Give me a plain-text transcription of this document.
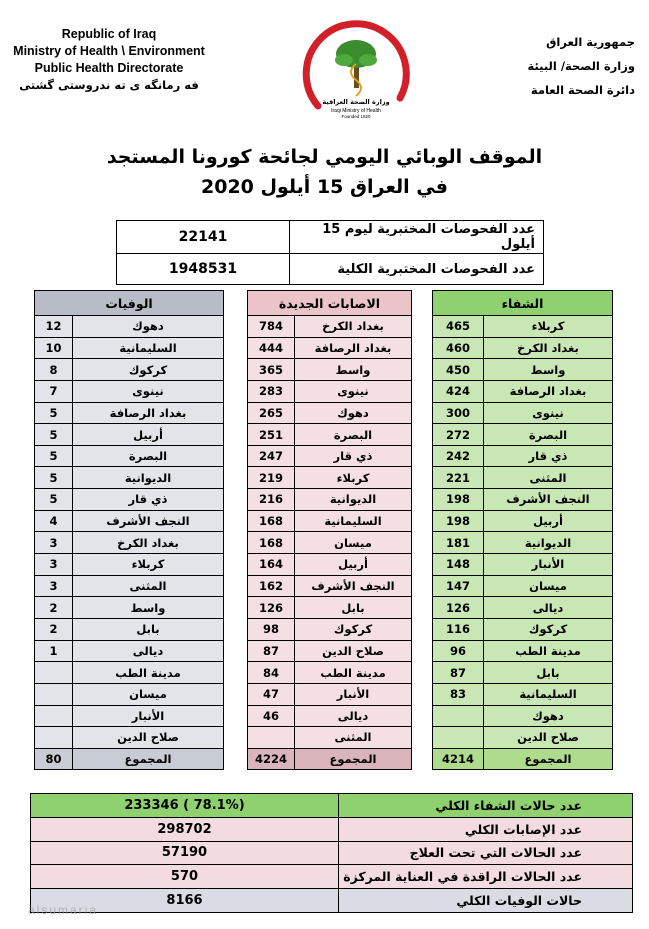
Republic of Iraq
Ministry of Health \ Environment
Public Health Directorate
فه رمانگه ى ته ندروستى گشتى
جمهورية العراق
وزارة الصحة/ البيئة
دائرة الصحة العامة
وزارة الصحة العراقية
Iraqi Ministry of Health
Founded 1920
الموقف الوبائي اليومي لجائحة كورونا المستجد
في العراق 15 أيلول 2020
22141	عدد الفحوصات المختبرية ليوم 15 أيلول
1948531	عدد الفحوصات المختبرية الكلية
الشفاء	
465	كربلاء
460	بغداد الكرخ
450	واسط
424	بغداد الرصافة
300	نينوى
272	البصرة
242	ذي قار
221	المثنى
198	النجف الأشرف
198	أربيل
181	الديوانية
148	الأنبار
147	ميسان
126	ديالى
116	كركوك
96	مدينة الطب
87	بابل
83	السليمانية
	دهوك
	صلاح الدين
4214	المجموع
الاصابات الجديدة	
784	بغداد الكرخ
444	بغداد الرصافة
365	واسط
283	نينوى
265	دهوك
251	البصرة
247	ذي قار
219	كربلاء
216	الديوانية
168	السليمانية
168	ميسان
164	أربيل
162	النجف الأشرف
126	بابل
98	كركوك
87	صلاح الدين
84	مدينة الطب
47	الأنبار
46	ديالى
	المثنى
4224	المجموع
الوفيات	
12	دهوك
10	السليمانية
8	كركوك
7	نينوى
5	بغداد الرصافة
5	أربيل
5	البصرة
5	الديوانية
5	ذي قار
4	النجف الأشرف
3	بغداد الكرخ
3	كربلاء
3	المثنى
2	واسط
2	بابل
1	ديالى
	مدينة الطب
	ميسان
	الأنبار
	صلاح الدين
80	المجموع
233346 ( 78.1%)	عدد حالات الشفاء الكلي
298702	عدد الإصابات الكلي
57190	عدد الحالات التي تحت العلاج
570	عدد الحالات الراقدة في العناية المركزة
8166	حالات الوفيات الكلي
alsumaria
